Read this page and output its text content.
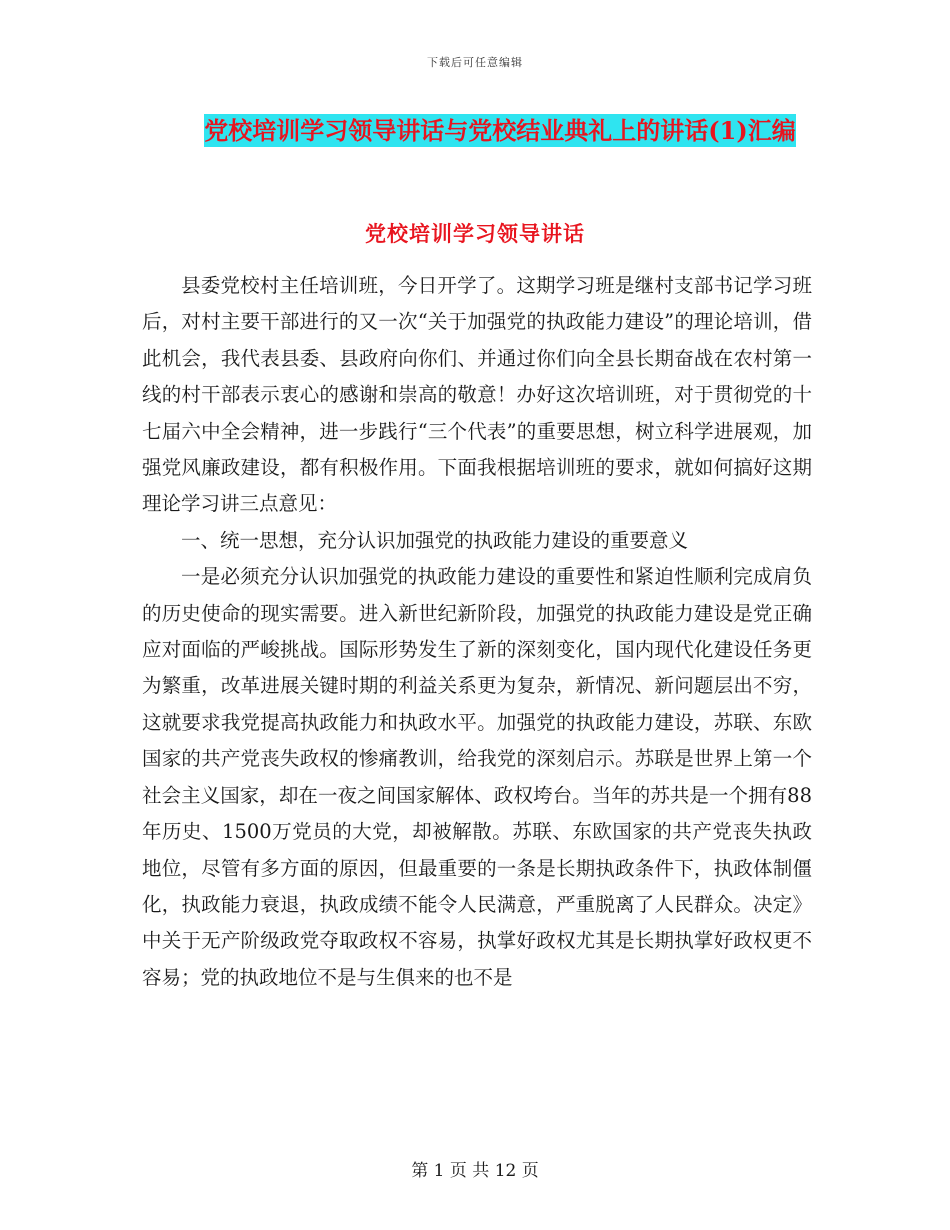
下载后可任意编辑
党校培训学习领导讲话与党校结业典礼上的讲话(1)汇编
党校培训学习领导讲话

县委党校村主任培训班，今日开学了。这期学习班是继村支部书记学习班后，对村主要干部进行的又一次“关于加强党的执政能力建设”的理论培训，借此机会，我代表县委、县政府向你们、并通过你们向全县长期奋战在农村第一线的村干部表示衷心的感谢和崇高的敬意！办好这次培训班，对于贯彻党的十七届六中全会精神，进一步践行“三个代表”的重要思想，树立科学进展观，加强党风廉政建设，都有积极作用。下面我根据培训班的要求，就如何搞好这期理论学习讲三点意见：

一、统一思想，充分认识加强党的执政能力建设的重要意义

一是必须充分认识加强党的执政能力建设的重要性和紧迫性顺利完成肩负的历史使命的现实需要。进入新世纪新阶段，加强党的执政能力建设是党正确应对面临的严峻挑战。国际形势发生了新的深刻变化，国内现代化建设任务更为繁重，改革进展关键时期的利益关系更为复杂，新情况、新问题层出不穷，这就要求我党提高执政能力和执政水平。加强党的执政能力建设，苏联、东欧国家的共产党丧失政权的惨痛教训，给我党的深刻启示。苏联是世界上第一个社会主义国家，却在一夜之间国家解体、政权垮台。当年的苏共是一个拥有88年历史、1500万党员的大党，却被解散。苏联、东欧国家的共产党丧失执政地位，尽管有多方面的原因，但最重要的一条是长期执政条件下，执政体制僵化，执政能力衰退，执政成绩不能令人民满意，严重脱离了人民群众。决定》中关于无产阶级政党夺取政权不容易，执掌好政权尤其是长期执掌好政权更不容易；党的执政地位不是与生俱来的也不是

第 1 页 共 12 页
